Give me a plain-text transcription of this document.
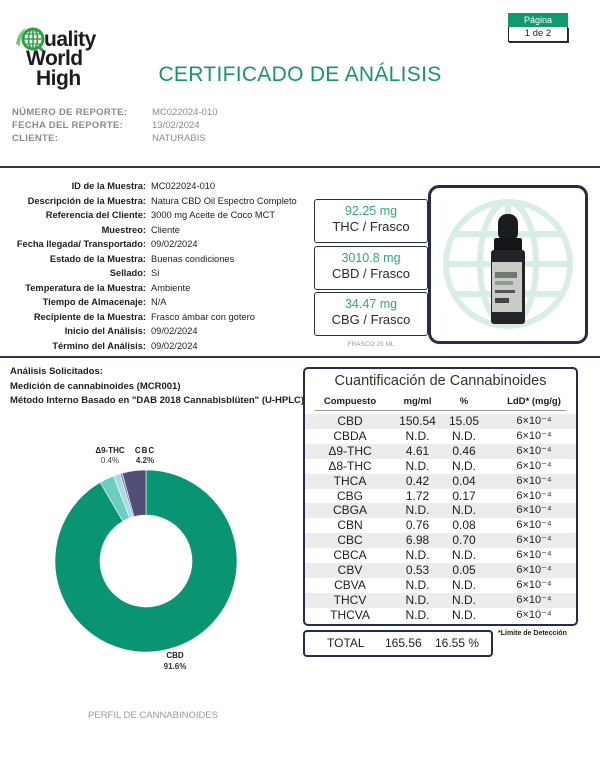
uality
World
High
Página
1 de 2
CERTIFICADO DE ANÁLISIS
NÚMERO DE REPORTE:	MC022024-010
FECHA DEL REPORTE:	13/02/2024
CLIENTE:	NATURABIS
ID de la Muestra: MC022024-010
Descripción de la Muestra: Natura CBD Oil Espectro Completo
Referencia del Cliente: 3000 mg Aceite de Coco MCT
Muestreo: Cliente
Fecha llegada/ Transportado: 09/02/2024
Estado de la Muestra: Buenas condiciones
Sellado: Si
Temperatura de la Muestra: Ambiente
Tiempo de Almacenaje: N/A
Recipiente de la Muestra: Frasco ámbar con gotero
Inicio del Análisis: 09/02/2024
Término del Análisis: 09/02/2024
92.25 mg
THC / Frasco
3010.8 mg
CBD / Frasco
34.47 mg
CBG / Frasco
FRASCO 20 ML
Análisis Solicitados:
Medición de cannabinoides (MCR001)
Método Interno Basado en "DAB 2018 Cannabisblüten" (U-HPLC)
Cuantificación de Cannabinoides
Compuesto	mg/ml	%	LdD* (mg/g)
CBD	150.54	15.05	6×10⁻⁴
CBDA	N.D.	N.D.	6×10⁻⁴
Δ9-THC	4.61	0.46	6×10⁻⁴
Δ8-THC	N.D.	N.D.	6×10⁻⁴
THCA	0.42	0.04	6×10⁻⁴
CBG	1.72	0.17	6×10⁻⁴
CBGA	N.D.	N.D.	6×10⁻⁴
CBN	0.76	0.08	6×10⁻⁴
CBC	6.98	0.70	6×10⁻⁴
CBCA	N.D.	N.D.	6×10⁻⁴
CBV	0.53	0.05	6×10⁻⁴
CBVA	N.D.	N.D.	6×10⁻⁴
THCV	N.D.	N.D.	6×10⁻⁴
THCVA	N.D.	N.D.	6×10⁻⁴
TOTAL 165.56 16.55 %
*Límite de Detección
Δ9-THC
0.4%
CBC
4.2%
CBD
91.6%
PERFIL DE CANNABINOIDES
